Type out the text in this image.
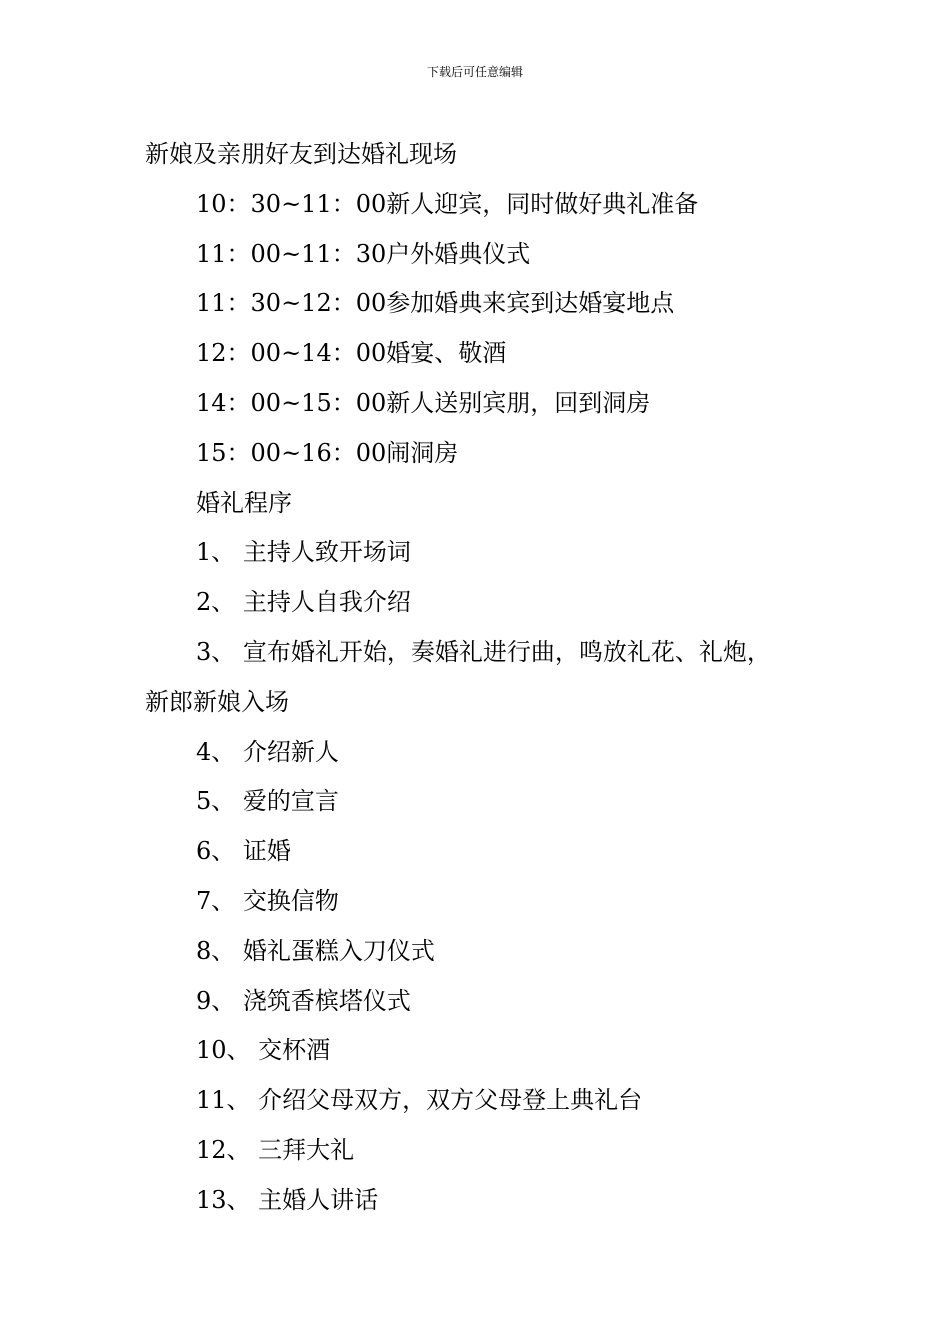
下载后可任意编辑
新娘及亲朋好友到达婚礼现场
10：30~11：00新人迎宾，同时做好典礼准备
11：00~11：30户外婚典仪式
11：30~12：00参加婚典来宾到达婚宴地点
12：00~14：00婚宴、敬酒
14：00~15：00新人送别宾朋，回到洞房
15：00~16：00闹洞房
婚礼程序
1、 主持人致开场词
2、 主持人自我介绍
3、 宣布婚礼开始，奏婚礼进行曲，鸣放礼花、礼炮，
新郎新娘入场
4、 介绍新人
5、 爱的宣言
6、 证婚
7、 交换信物
8、 婚礼蛋糕入刀仪式
9、 浇筑香槟塔仪式
10、 交杯酒
11、 介绍父母双方，双方父母登上典礼台
12、 三拜大礼
13、 主婚人讲话
